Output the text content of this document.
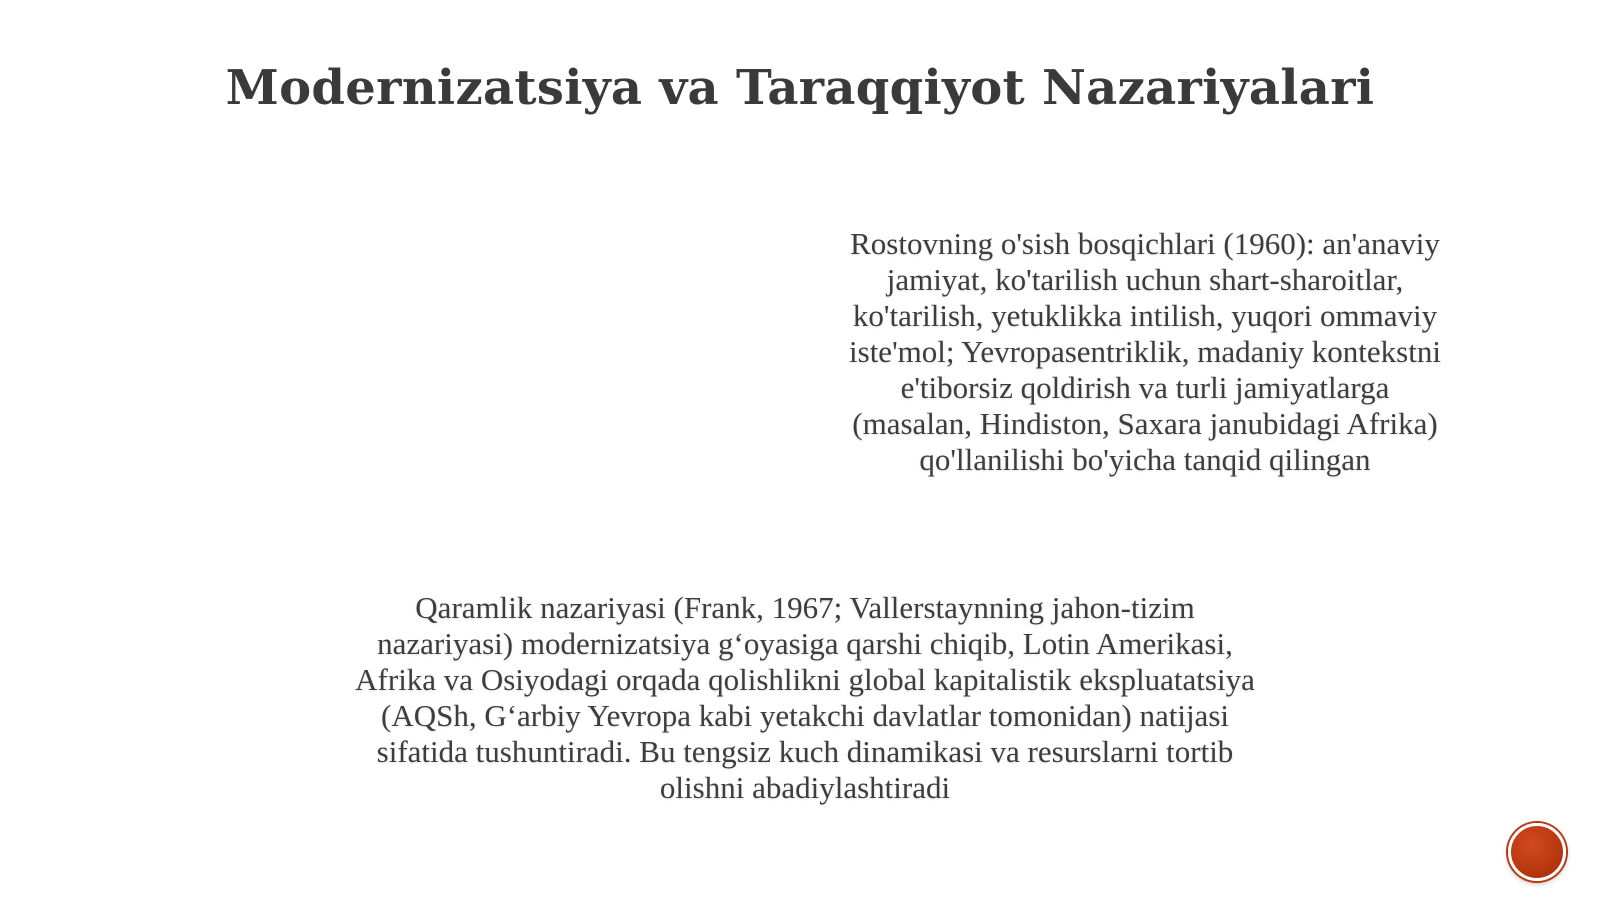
Modernizatsiya va Taraqqiyot Nazariyalari
Rostovning o'sish bosqichlari (1960): an'anaviy
jamiyat, ko'tarilish uchun shart-sharoitlar,
ko'tarilish, yetuklikka intilish, yuqori ommaviy
iste'mol; Yevropasentriklik, madaniy kontekstni
e'tiborsiz qoldirish va turli jamiyatlarga
(masalan, Hindiston, Saxara janubidagi Afrika)
qo'llanilishi bo'yicha tanqid qilingan
Qaramlik nazariyasi (Frank, 1967; Vallerstaynning jahon-tizim
nazariyasi) modernizatsiya g‘oyasiga qarshi chiqib, Lotin Amerikasi,
Afrika va Osiyodagi orqada qolishlikni global kapitalistik ekspluatatsiya
(AQSh, G‘arbiy Yevropa kabi yetakchi davlatlar tomonidan) natijasi
sifatida tushuntiradi. Bu tengsiz kuch dinamikasi va resurslarni tortib
olishni abadiylashtiradi
